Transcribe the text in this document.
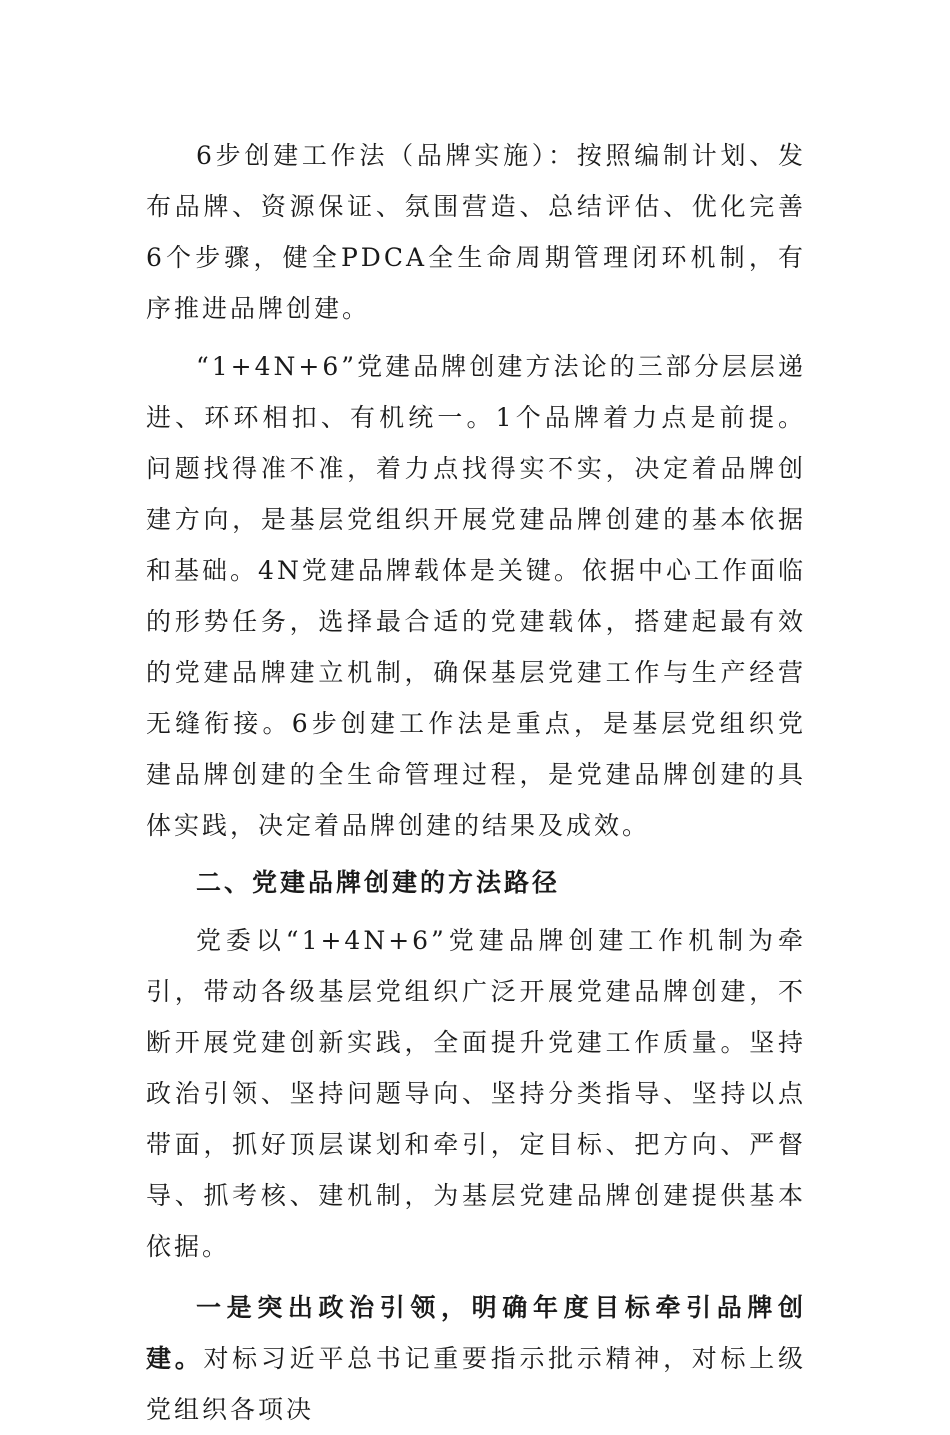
6步创建工作法（品牌实施）：按照编制计划、发布品牌、资源保证、氛围营造、总结评估、优化完善6个步骤，健全PDCA全生命周期管理闭环机制，有序推进品牌创建。

“1+4N+6”党建品牌创建方法论的三部分层层递进、环环相扣、有机统一。1个品牌着力点是前提。问题找得准不准，着力点找得实不实，决定着品牌创建方向，是基层党组织开展党建品牌创建的基本依据和基础。4N党建品牌载体是关键。依据中心工作面临的形势任务，选择最合适的党建载体，搭建起最有效的党建品牌建立机制，确保基层党建工作与生产经营无缝衔接。6步创建工作法是重点，是基层党组织党建品牌创建的全生命管理过程，是党建品牌创建的具体实践，决定着品牌创建的结果及成效。

二、党建品牌创建的方法路径

党委以“1+4N+6”党建品牌创建工作机制为牵引，带动各级基层党组织广泛开展党建品牌创建，不断开展党建创新实践，全面提升党建工作质量。坚持政治引领、坚持问题导向、坚持分类指导、坚持以点带面，抓好顶层谋划和牵引，定目标、把方向、严督导、抓考核、建机制，为基层党建品牌创建提供基本依据。

一是突出政治引领，明确年度目标牵引品牌创建。对标习近平总书记重要指示批示精神，对标上级党组织各项决
